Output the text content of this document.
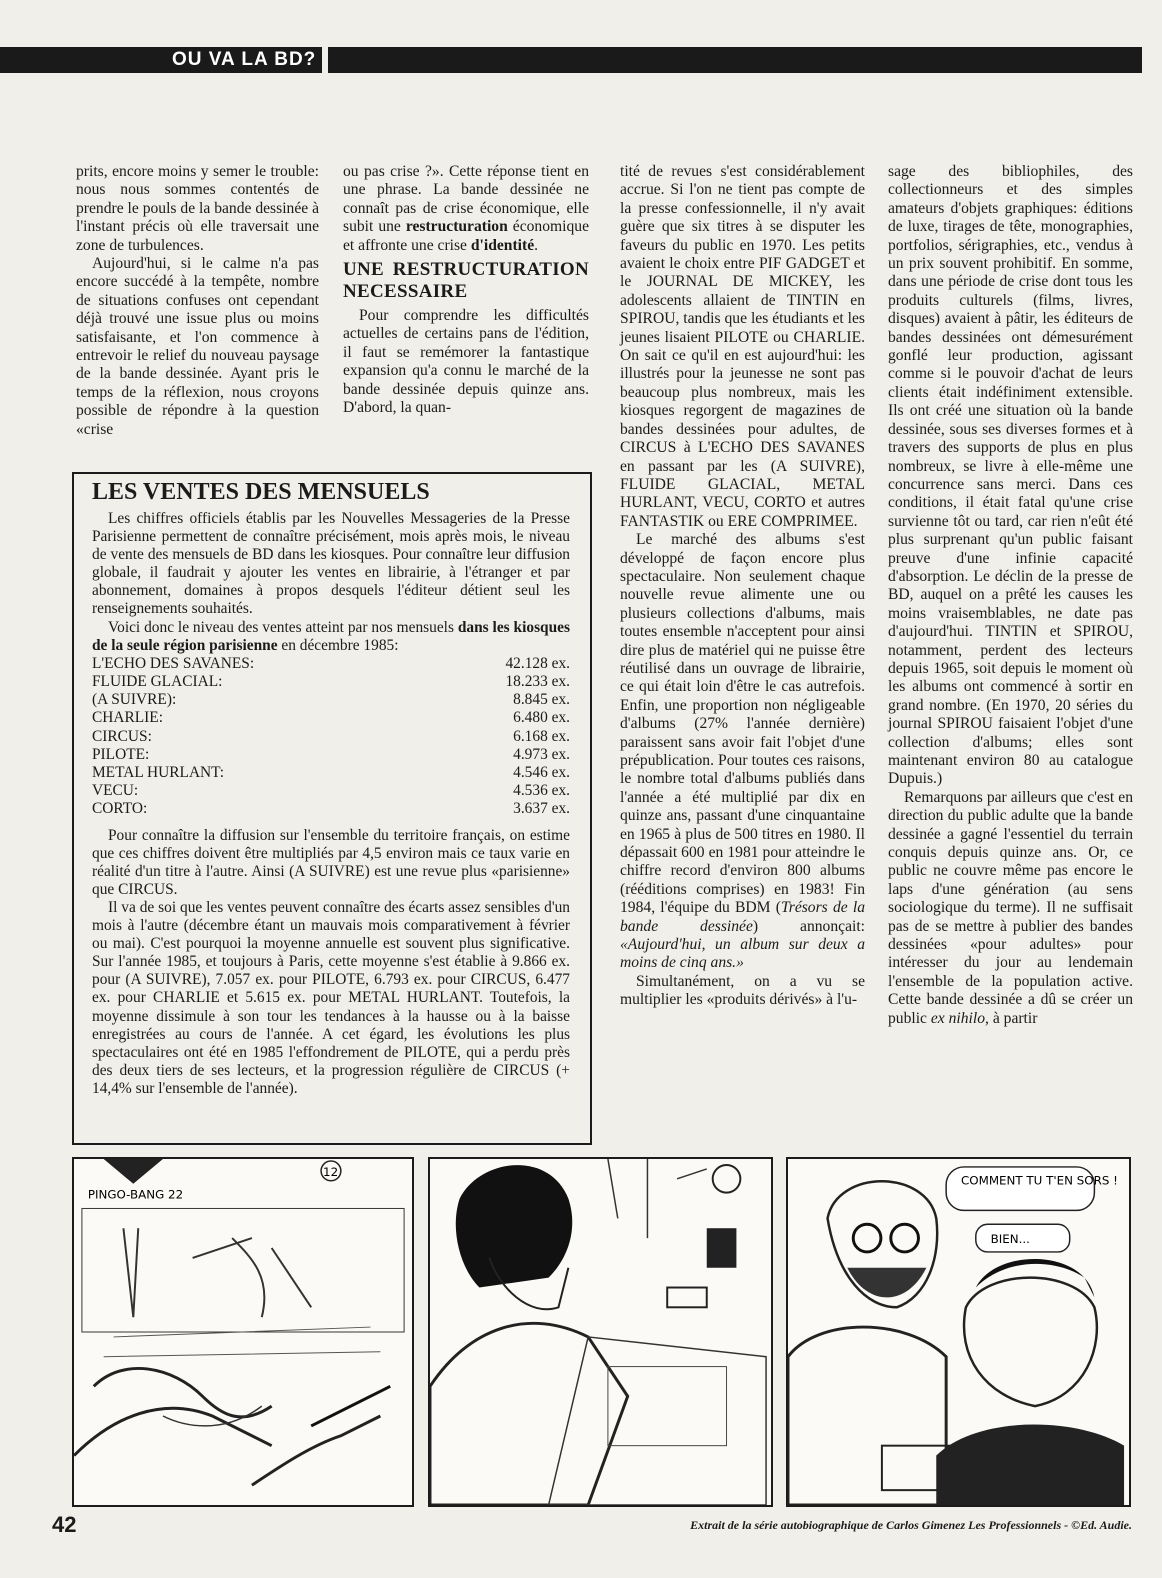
OU VA LA BD?

prits, encore moins y semer le trouble: nous nous sommes contentés de prendre le pouls de la bande dessinée à l'instant précis où elle traversait une zone de turbulences.

Aujourd'hui, si le calme n'a pas encore succédé à la tempête, nombre de situations confuses ont cependant déjà trouvé une issue plus ou moins satisfaisante, et l'on commence à entrevoir le relief du nouveau paysage de la bande dessinée. Ayant pris le temps de la réflexion, nous croyons possible de répondre à la question «crise

ou pas crise ?». Cette réponse tient en une phrase. La bande dessinée ne connaît pas de crise économique, elle subit une restructuration économique et affronte une crise d'identité.

UNE RESTRUCTURATION NECESSAIRE

Pour comprendre les difficultés actuelles de certains pans de l'édition, il faut se remémorer la fantastique expansion qu'a connu le marché de la bande dessinée depuis quinze ans. D'abord, la quan-

tité de revues s'est considérablement accrue. Si l'on ne tient pas compte de la presse confessionnelle, il n'y avait guère que six titres à se disputer les faveurs du public en 1970. Les petits avaient le choix entre PIF GADGET et le JOURNAL DE MICKEY, les adolescents allaient de TINTIN en SPIROU, tandis que les étudiants et les jeunes lisaient PILOTE ou CHARLIE. On sait ce qu'il en est aujourd'hui: les illustrés pour la jeunesse ne sont pas beaucoup plus nombreux, mais les kiosques regorgent de magazines de bandes dessinées pour adultes, de CIRCUS à L'ECHO DES SAVANES en passant par les (A SUIVRE), FLUIDE GLACIAL, METAL HURLANT, VECU, CORTO et autres FANTASTIK ou ERE COMPRIMEE.

Le marché des albums s'est développé de façon encore plus spectaculaire. Non seulement chaque nouvelle revue alimente une ou plusieurs collections d'albums, mais toutes ensemble n'acceptent pour ainsi dire plus de matériel qui ne puisse être réutilisé dans un ouvrage de librairie, ce qui était loin d'être le cas autrefois. Enfin, une proportion non négligeable d'albums (27% l'année dernière) paraissent sans avoir fait l'objet d'une prépublication. Pour toutes ces raisons, le nombre total d'albums publiés dans l'année a été multiplié par dix en quinze ans, passant d'une cinquantaine en 1965 à plus de 500 titres en 1980. Il dépassait 600 en 1981 pour atteindre le chiffre record d'environ 800 albums (rééditions comprises) en 1983! Fin 1984, l'équipe du BDM (Trésors de la bande dessinée) annonçait: «Aujourd'hui, un album sur deux a moins de cinq ans.»

Simultanément, on a vu se multiplier les «produits dérivés» à l'u-

sage des bibliophiles, des collectionneurs et des simples amateurs d'objets graphiques: éditions de luxe, tirages de tête, monographies, portfolios, sérigraphies, etc., vendus à un prix souvent prohibitif. En somme, dans une période de crise dont tous les produits culturels (films, livres, disques) avaient à pâtir, les éditeurs de bandes dessinées ont démesurément gonflé leur production, agissant comme si le pouvoir d'achat de leurs clients était indéfiniment extensible. Ils ont créé une situation où la bande dessinée, sous ses diverses formes et à travers des supports de plus en plus nombreux, se livre à elle-même une concurrence sans merci. Dans ces conditions, il était fatal qu'une crise survienne tôt ou tard, car rien n'eût été plus surprenant qu'un public faisant preuve d'une infinie capacité d'absorption. Le déclin de la presse de BD, auquel on a prêté les causes les moins vraisemblables, ne date pas d'aujourd'hui. TINTIN et SPIROU, notamment, perdent des lecteurs depuis 1965, soit depuis le moment où les albums ont commencé à sortir en grand nombre. (En 1970, 20 séries du journal SPIROU faisaient l'objet d'une collection d'albums; elles sont maintenant environ 80 au catalogue Dupuis.)

Remarquons par ailleurs que c'est en direction du public adulte que la bande dessinée a gagné l'essentiel du terrain conquis depuis quinze ans. Or, ce public ne couvre même pas encore le laps d'une génération (au sens sociologique du terme). Il ne suffisait pas de se mettre à publier des bandes dessinées «pour adultes» pour intéresser du jour au lendemain l'ensemble de la population active. Cette bande dessinée a dû se créer un public ex nihilo, à partir

LES VENTES DES MENSUELS

Les chiffres officiels établis par les Nouvelles Messageries de la Presse Parisienne permettent de connaître précisément, mois après mois, le niveau de vente des mensuels de BD dans les kiosques. Pour connaître leur diffusion globale, il faudrait y ajouter les ventes en librairie, à l'étranger et par abonnement, domaines à propos desquels l'éditeur détient seul les renseignements souhaités.

Voici donc le niveau des ventes atteint par nos mensuels dans les kiosques de la seule région parisienne en décembre 1985:

L'ECHO DES SAVANES:	42.128 ex.
FLUIDE GLACIAL:	18.233 ex.
(A SUIVRE):	8.845 ex.
CHARLIE:	6.480 ex.
CIRCUS:	6.168 ex.
PILOTE:	4.973 ex.
METAL HURLANT:	4.546 ex.
VECU:	4.536 ex.
CORTO:	3.637 ex.

Pour connaître la diffusion sur l'ensemble du territoire français, on estime que ces chiffres doivent être multipliés par 4,5 environ mais ce taux varie en réalité d'un titre à l'autre. Ainsi (A SUIVRE) est une revue plus «parisienne» que CIRCUS.

Il va de soi que les ventes peuvent connaître des écarts assez sensibles d'un mois à l'autre (décembre étant un mauvais mois comparativement à février ou mai). C'est pourquoi la moyenne annuelle est souvent plus significative. Sur l'année 1985, et toujours à Paris, cette moyenne s'est établie à 9.866 ex. pour (A SUIVRE), 7.057 ex. pour PILOTE, 6.793 ex. pour CIRCUS, 6.477 ex. pour CHARLIE et 5.615 ex. pour METAL HURLANT. Toutefois, la moyenne dissimule à son tour les tendances à la hausse ou à la baisse enregistrées au cours de l'année. A cet égard, les évolutions les plus spectaculaires ont été en 1985 l'effondrement de PILOTE, qui a perdu près des deux tiers de ses lecteurs, et la progression régulière de CIRCUS (+ 14,4% sur l'ensemble de l'année).

PINGO-BANG 22
12
COMMENT TU T'EN SORS !
BIEN...
42	Extrait de la série autobiographique de Carlos Gimenez Les Professionnels - ©Ed. Audie.
